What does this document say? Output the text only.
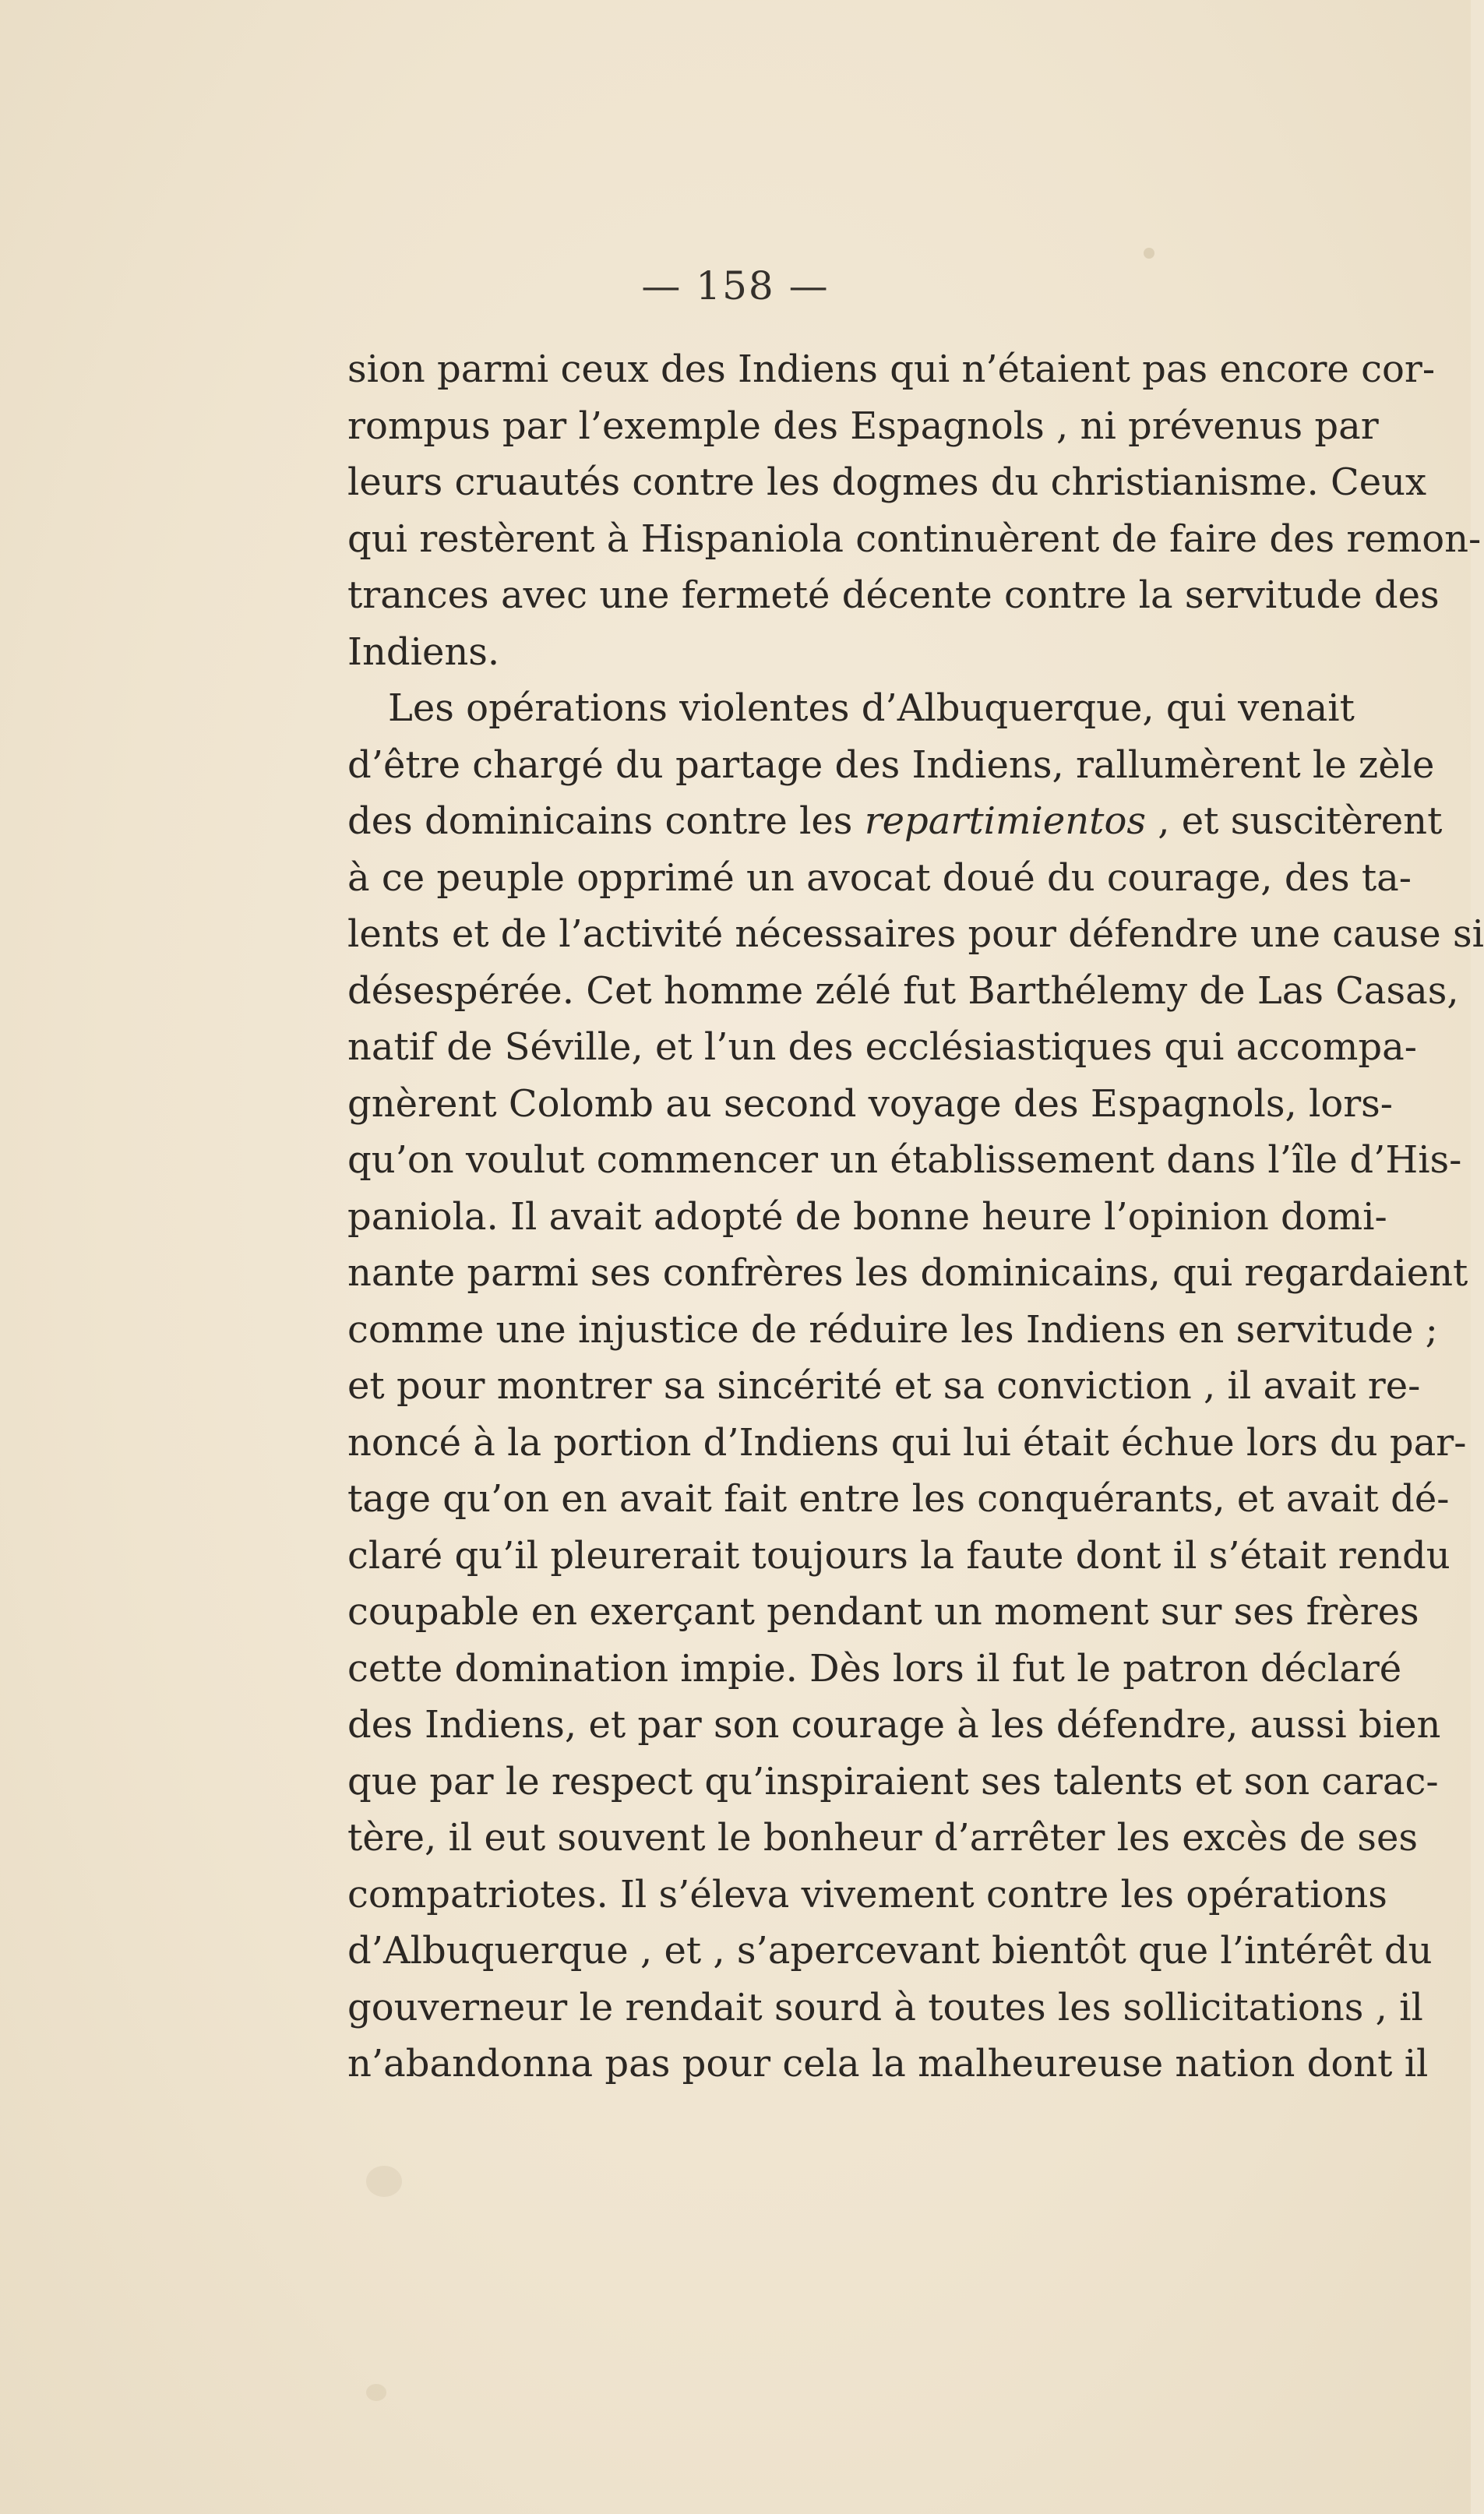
— 158 —
sion parmi ceux des Indiens qui n’étaient pas encore cor-
rompus par l’exemple des Espagnols , ni prévenus par
leurs cruautés contre les dogmes du christianisme. Ceux
qui restèrent à Hispaniola continuèrent de faire des remon-
trances avec une fermeté décente contre la servitude des
Indiens.
Les opérations violentes d’Albuquerque, qui venait
d’être chargé du partage des Indiens, rallumèrent le zèle
des dominicains contre les repartimientos , et suscitèrent
à ce peuple opprimé un avocat doué du courage, des ta-
lents et de l’activité nécessaires pour défendre une cause si
désespérée. Cet homme zélé fut Barthélemy de Las Casas,
natif de Séville, et l’un des ecclésiastiques qui accompa-
gnèrent Colomb au second voyage des Espagnols, lors-
qu’on voulut commencer un établissement dans l’île d’His-
paniola. Il avait adopté de bonne heure l’opinion domi-
nante parmi ses confrères les dominicains, qui regardaient
comme une injustice de réduire les Indiens en servitude ;
et pour montrer sa sincérité et sa conviction , il avait re-
noncé à la portion d’Indiens qui lui était échue lors du par-
tage qu’on en avait fait entre les conquérants, et avait dé-
claré qu’il pleurerait toujours la faute dont il s’était rendu
coupable en exerçant pendant un moment sur ses frères
cette domination impie. Dès lors il fut le patron déclaré
des Indiens, et par son courage à les défendre, aussi bien
que par le respect qu’inspiraient ses talents et son carac-
tère, il eut souvent le bonheur d’arrêter les excès de ses
compatriotes. Il s’éleva vivement contre les opérations
d’Albuquerque , et , s’apercevant bientôt que l’intérêt du
gouverneur le rendait sourd à toutes les sollicitations , il
n’abandonna pas pour cela la malheureuse nation dont il
